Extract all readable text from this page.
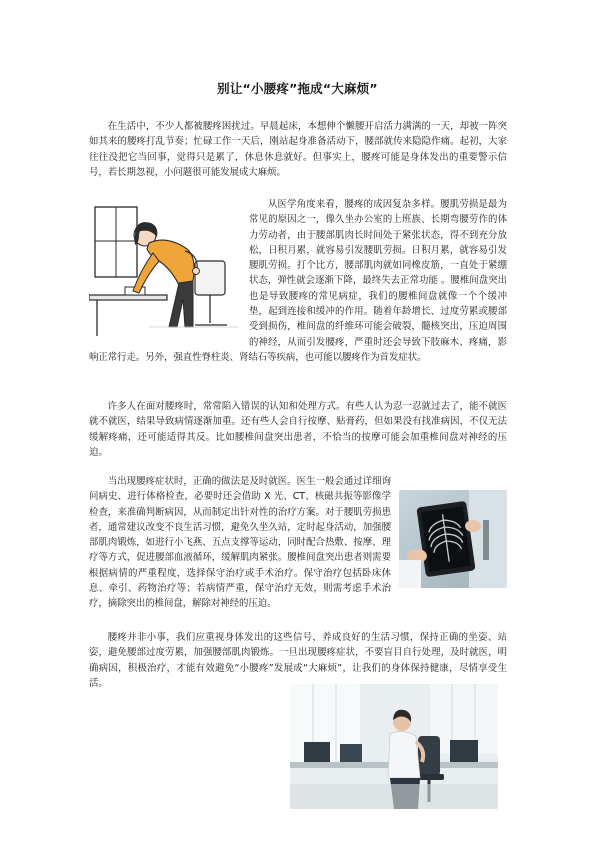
别让“小腰疼”拖成“大麻烦”

在生活中，不少人都被腰疼困扰过。早晨起床，本想伸个懒腰开启活力满满的一天，却被一阵突如其来的腰疼打乱节奏；忙碌工作一天后，刚站起身准备活动下，腰部就传来隐隐作痛。起初，大家往往没把它当回事，觉得只是累了，休息休息就好。但事实上，腰疼可能是身体发出的重要警示信号，若长期忽视，小问题很可能发展成大麻烦。

从医学角度来看，腰疼的成因复杂多样。腰肌劳损是最为常见的原因之一，像久坐办公室的上班族、长期弯腰劳作的体力劳动者，由于腰部肌肉长时间处于紧张状态，得不到充分放松，日积月累，就容易引发腰肌劳损。日积月累，就容易引发腰肌劳损。打个比方，腰部肌肉就如同橡皮筋，一直处于紧绷状态，弹性就会逐渐下降，最终失去正常功能 。腰椎间盘突出也是导致腰疼的常见病症，我们的腰椎间盘就像一个个缓冲垫，起到连接和缓冲的作用。随着年龄增长、过度劳累或腰部受到损伤，椎间盘的纤维环可能会破裂，髓核突出，压迫周围的神经，从而引发腰疼，严重时还会导致下肢麻木、疼痛，影响正常行走。另外，强直性脊柱炎、肾结石等疾病，也可能以腰疼作为首发症状。

许多人在面对腰疼时，常常陷入错误的认知和处理方式。有些人认为忍一忍就过去了，能不就医就不就医，结果导致病情逐渐加重。还有些人会自行按摩、贴膏药，但如果没有找准病因，不仅无法缓解疼痛，还可能适得其反。比如腰椎间盘突出患者，不恰当的按摩可能会加重椎间盘对神经的压迫。

当出现腰疼症状时，正确的做法是及时就医。医生一般会通过详细询问病史、进行体格检查，必要时还会借助 X 光、CT、核磁共振等影像学检查，来准确判断病因，从而制定出针对性的治疗方案。对于腰肌劳损患者，通常建议改变不良生活习惯，避免久坐久站，定时起身活动，加强腰部肌肉锻炼，如进行小飞燕、五点支撑等运动，同时配合热敷、按摩、理疗等方式，促进腰部血液循环，缓解肌肉紧张。腰椎间盘突出患者则需要根据病情的严重程度，选择保守治疗或手术治疗。保守治疗包括卧床休息、牵引、药物治疗等；若病情严重，保守治疗无效，则需考虑手术治疗，摘除突出的椎间盘，解除对神经的压迫。

腰疼并非小事，我们应重视身体发出的这些信号，养成良好的生活习惯，保持正确的坐姿、站姿，避免腰部过度劳累，加强腰部肌肉锻炼。一旦出现腰疼症状，不要盲目自行处理，及时就医，明确病因，积极治疗，才能有效避免“小腰疼”发展成“大麻烦”，让我们的身体保持健康，尽情享受生活。
